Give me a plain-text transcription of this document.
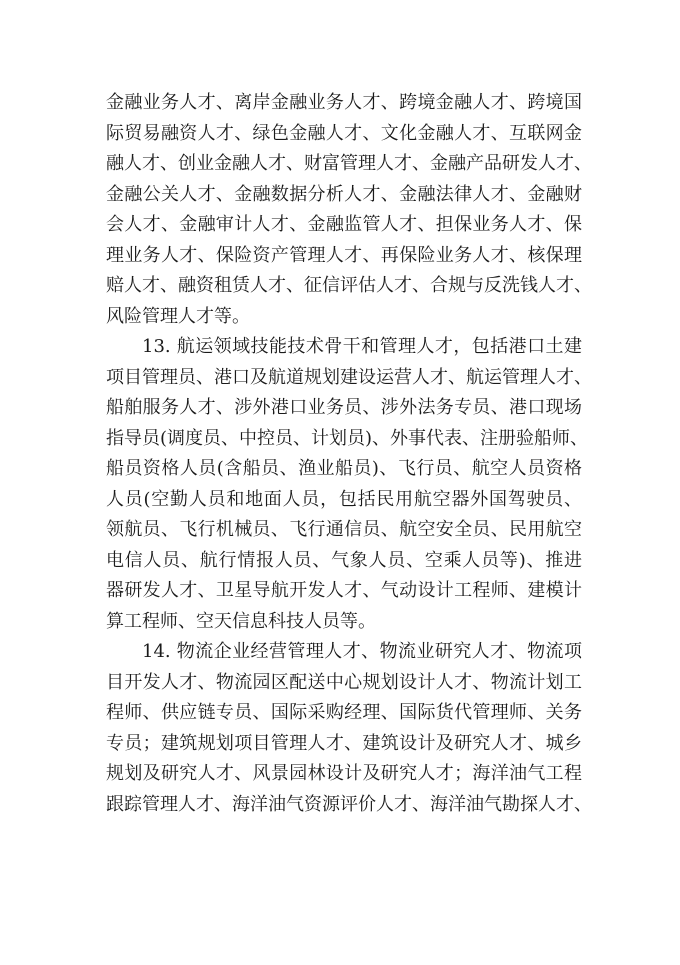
金融业务人才、离岸金融业务人才、跨境金融人才、跨境国
际贸易融资人才、绿色金融人才、文化金融人才、互联网金
融人才、创业金融人才、财富管理人才、金融产品研发人才、
金融公关人才、金融数据分析人才、金融法律人才、金融财
会人才、金融审计人才、金融监管人才、担保业务人才、保
理业务人才、保险资产管理人才、再保险业务人才、核保理
赔人才、融资租赁人才、征信评估人才、合规与反洗钱人才、
风险管理人才等。
13. 航运领域技能技术骨干和管理人才，包括港口土建
项目管理员、港口及航道规划建设运营人才、航运管理人才、
船舶服务人才、涉外港口业务员、涉外法务专员、港口现场
指导员(调度员、中控员、计划员)、外事代表、注册验船师、
船员资格人员(含船员、渔业船员)、飞行员、航空人员资格
人员(空勤人员和地面人员，包括民用航空器外国驾驶员、
领航员、飞行机械员、飞行通信员、航空安全员、民用航空
电信人员、航行情报人员、气象人员、空乘人员等)、推进
器研发人才、卫星导航开发人才、气动设计工程师、建模计
算工程师、空天信息科技人员等。
14. 物流企业经营管理人才、物流业研究人才、物流项
目开发人才、物流园区配送中心规划设计人才、物流计划工
程师、供应链专员、国际采购经理、国际货代管理师、关务
专员；建筑规划项目管理人才、建筑设计及研究人才、城乡
规划及研究人才、风景园林设计及研究人才；海洋油气工程
跟踪管理人才、海洋油气资源评价人才、海洋油气勘探人才、
